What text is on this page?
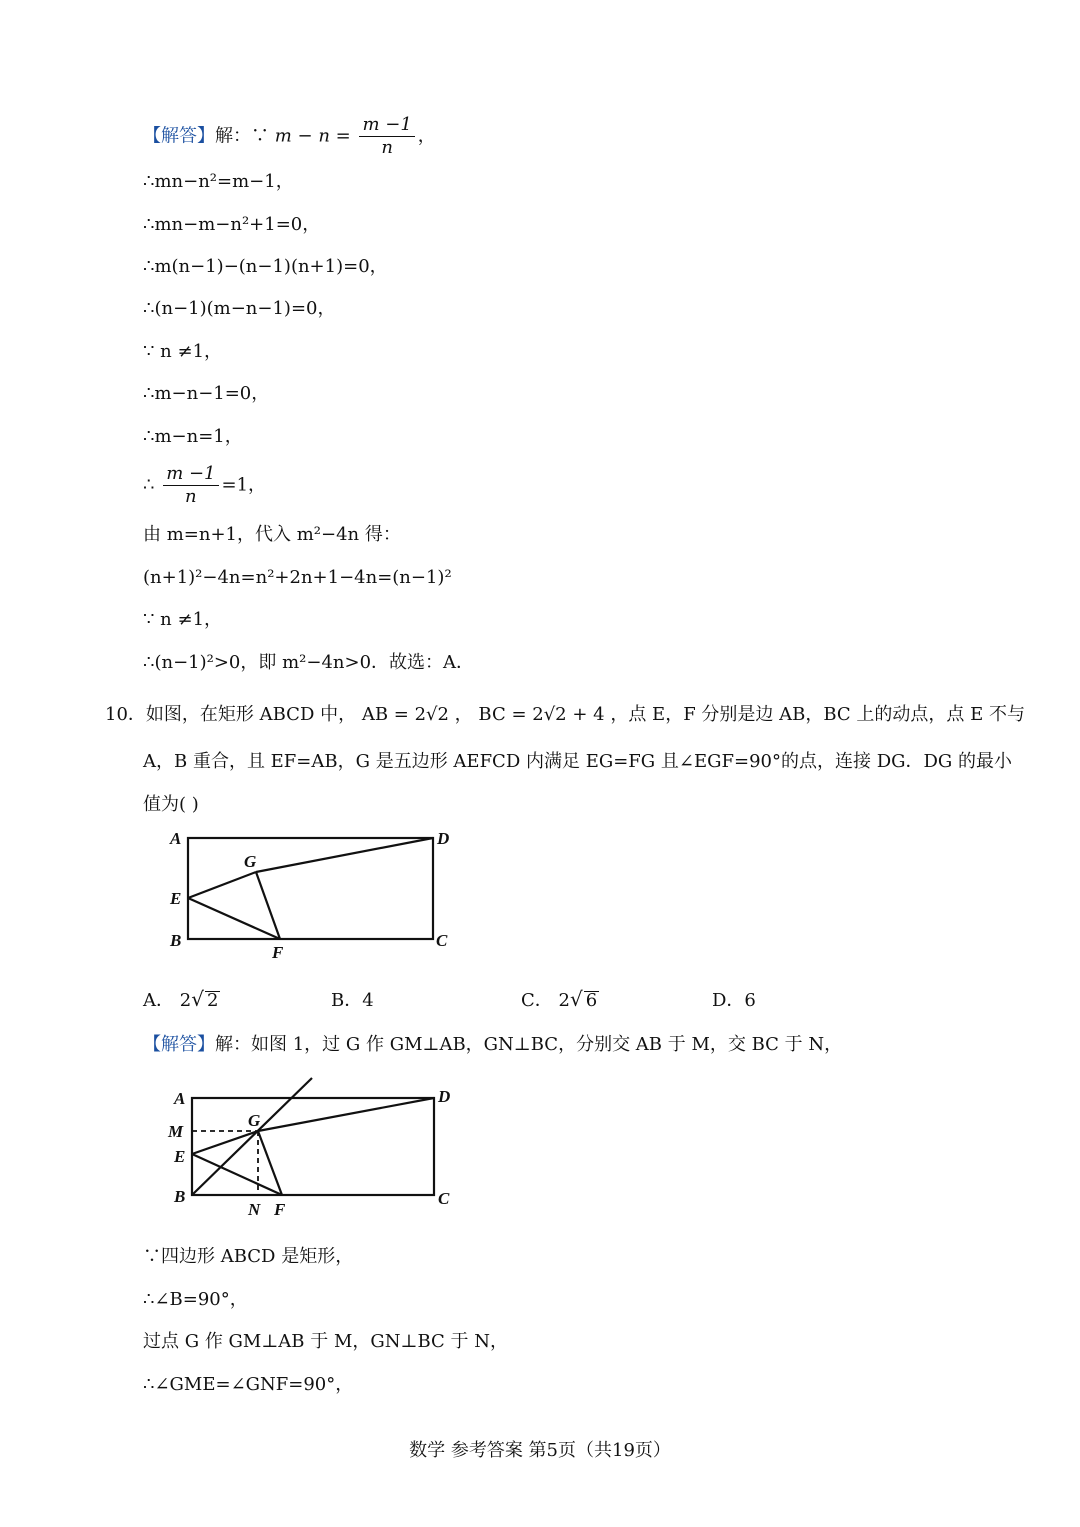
【解答】解：∵ $m - n = \frac{m -1}{n}$ ，
∴mn−n²=m−1，
∴mn−m−n²+1=0，
∴m(n−1)−(n−1)(n+1)=0，
∴(n−1)(m−n−1)=0，
∵ n ≠1，
∴m−n−1=0，
∴m−n=1，
∴ $\frac{m -1}{n} =1$，
由 m=n+1，代入 m²−4n 得：
(n+1)²−4n=n²+2n+1−4n=(n−1)²
∵ n ≠1，
∴(n−1)²>0，即 m²−4n>0．故选：A．
10．如图，在矩形 ABCD 中， AB = 2√2 ， BC = 2√2 + 4 ，点 E，F 分别是边 AB，BC 上的动点，点 E 不与
A，B 重合，且 EF=AB，G 是五边形 AEFCD 内满足 EG=FG 且∠EGF=90°的点，连接 DG．DG 的最小
值为( )
A	D
G
E
B
F
C
A． 2√ 2	B．4	C． 2√ 6	D．6
【解答】解：如图 1，过 G 作 GM⊥AB，GN⊥BC，分别交 AB 于 M，交 BC 于 N，
A	D
M
G
E
B
N F
C
∵四边形 ABCD 是矩形，
∴∠B=90°，
过点 G 作 GM⊥AB 于 M，GN⊥BC 于 N，
∴∠GME=∠GNF=90°，
数学 参考答案 第5页（共19页）
